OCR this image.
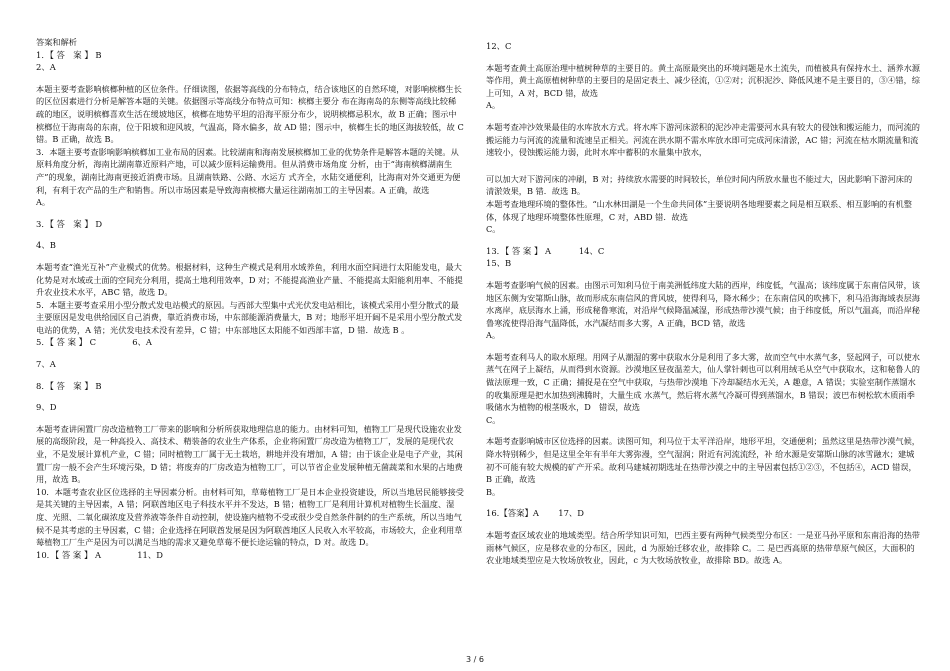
答案和解析

1．【 答　案 】 B

2、A

本题主要考查影响槟榔种植的区位条件。仔细读图，依据等高线的分布特点，结合该地区的自然环境，对影响槟榔生长的区位因素进行分析是解答本题的关键。依据图示等高线分布特点可知：槟榔主要分 布在海南岛的东侧等高线比较稀疏的地区，说明槟榔喜欢生活在缓坡地区，槟榔在地势平坦的沿海平原分布少，说明槟榔忌积水，故 B 正确；图示中槟榔位于海南岛的东南，位于阳坡和迎风坡，气温高，降水偏多，故 AD 错；图示中，槟榔生长的地区海拔较低，故 C 错。B 正确，故选 B。

3．本题主要考查影响影响槟榔加工业布局的因素。比较湖南和海南发展槟榔加工业的优势条件是解答本题的关键。从原料角度分析，海南比湖南靠近原料产地，可以减少原料运输费用。但从消费市场角度 分析，由于“海南槟榔湖南生产”的现象，湖南比海南更接近消费市场。且湖南铁路、公路、水运方 式齐全，水陆交通便利，比海南对外交通更为便利，有利于农产品的生产和销售。所以市场因素是导致海南槟榔大量运往湖南加工的主导因素。A 正确，故选

A。

3．【 答　案 】 D

4、B

本题考查“渔光互补”产业模式的优势。根据材料，这种生产模式是利用水域养鱼，利用水面空间进行太阳能发电，最大化势是对水域或土面的空间充分利用，提高土地利用效率，D 对；不能提高渔业产量、不能提高太阳能利用率、不能提升农业技术水平，ABC 错，故选 D。

5．本题主要考查采用小型分散式发电站模式的原因。与西部大型集中式光伏发电站相比，该模式采用小型分散式的最主要原因是发电供给园区自己消费，靠近消费市场，中东部能源消费量大，B 对；地形平坦开阔不是采用小型分散式发电站的优势，A 错；光伏发电技术没有差异，C 错；中东部地区太阳能不如西部丰富，D 错．故选 B 。

5．【 答 案 】 C　　　　 6、A

7、A

8．【 答　案 】 B

9、D

本题考查讲闲置厂房改造植物工厂带来的影响和分析所获取地理信息的能力。由材料可知，植物工厂是现代设施农业发展的高级阶段，是一种高投入、高技术、精装备的农业生产体系，企业将闲置厂房改造为植物工厂，发展的是现代农业，不是发展计算机产业，C 错；同时植物工厂属于无土栽培，耕地并没有增加，A 错；由于该企业是电子产业，其闲置厂房一般不会产生环境污染，D 错；将废弃的厂房改造为植物工厂，可以节省企业发展种植无菌蔬菜和水果的占地费用，故选 B。

10．本题考查农业区位选择的主导因素分析。由材料可知，草莓植物工厂是日本企业投资建设，所以当地居民能够接受是其关键的主导因素，A 错；阿联酋地区电子科技水平并不发达，B 错；植物工厂是利用计算机对植物生长温度、湿度、光照、二氧化碳浓度及营养液等条件自动控制，使设施内植物不受或很少受自然条件制约的生产系统，所以当地气候不是其考虑的主导因素，C 错；企业选择在阿联酋发展是因为阿联酋地区人民收入水平较高，市场较大，企业利用草莓植物工厂生产是因为可以满足当地的需求又避免草莓不便长途运输的特点，D 对。故选 D。

10．【 答 案 】 A　　　　 11、D

12、C

本题考查黄土高原治理中植树种草的主要目的。黄土高原最突出的环境问题是水土流失，而植被具有保持水土、涵养水源等作用，黄土高原植树种草的主要目的是固定表土、减少径流，①②对；沉积泥沙、降低风速不是主要目的，③④错，综上可知，A 对，BCD 错，故选

A。

本题考查冲沙效果最佳的水库放水方式。将水库下游河床淤积的泥沙冲走需要河水具有较大的侵蚀和搬运能力，而河流的搬运能力与河流的流量和流速呈正相关。河流在洪水期不需水库放水即可完成河床清淤，AC 错；河流在枯水期流量和流速较小，侵蚀搬运能力弱，此时水库中蓄积的水量集中放水，

可以加大对下游河床的冲刷，B 对；持续放水需要的时间较长，单位时间内所放水量也不能过大，因此影响下游河床的清淤效果，B 错．故选 B。

本题考查地理环境的整体性。“山水林田湖是一个生命共同体”主要说明各地理要素之间是相互联系、相互影响的有机整体，体现了地理环境整体性原理，C 对，ABD 错．故选

C。

13．【 答 案 】 A　　　 14、C

15、B

本题考查影响气候的因素。由图示可知利马位于南美洲低纬度大陆的西岸，纬度低，气温高；该纬度属于东南信风带，该地区东侧为安第斯山脉，故而形成东南信风的背风坡，使得利马，降水稀少；在东南信风的吹拂下，利马沿海海域表层海水离岸，底层海水上涌，形成秘鲁寒流，对沿岸气候降温减湿，形成热带沙漠气候；由于纬度低，所以气温高，而沿岸秘鲁寒流使得沿海气温降低，水汽凝结而多大雾，A 正确，BCD 错，故选

A。

本题考查利马人的取水原理。用网子从潮湿的雾中获取水分是利用了多大雾，故而空气中水蒸气多，竖起网子，可以使水蒸气在网子上凝结，从而得到水资源。沙漠地区昼夜温差大，仙人掌针刺也可以利用绒毛从空气中获取水，这和秘鲁人的做法原理一致，C 正确；捕捉是在空气中获取，与热带沙漠地 下冷却凝结水无关，A 趣意，A 错误；实验室制作蒸馏水的收集原理是把水加热到沸腾时，大量生成 水蒸气，然后将水蒸气冷凝可得到蒸馏水，B 错误；波巴布树松软木质雨季吸储水为植物的根茎吸水，D　错误，故选

C。

本题考查影响城市区位选择的因素。读图可知，利马位于太平洋沿岸，地形平坦，交通便利；虽然这里是热带沙漠气候，降水特别稀少，但是这里全年有半年大雾弥漫，空气湿润；附近有河流流经，补 给水源是安第斯山脉的冰雪融水；建城初不可能有较大规模的矿产开采。故利马建城初期选址在热带沙漠之中的主导因素包括①②③，不包括④，ACD 错误，B 正确，故选

B。

16.【答案】A　　 17、D

本题考查区域农业的地域类型。结合所学知识可知，巴西主要有两种气候类型分布区：一是亚马孙平原和东南沿海的热带雨林气候区，应是移农业的分布区，因此，d 为原始迁移农业，故排除 C。二 是巴西高原的热带草原气候区，大面积的农业地域类型应是大牧场放牧业，因此，c 为大牧场放牧业，故排除 BD。故选 A。

3 / 6
